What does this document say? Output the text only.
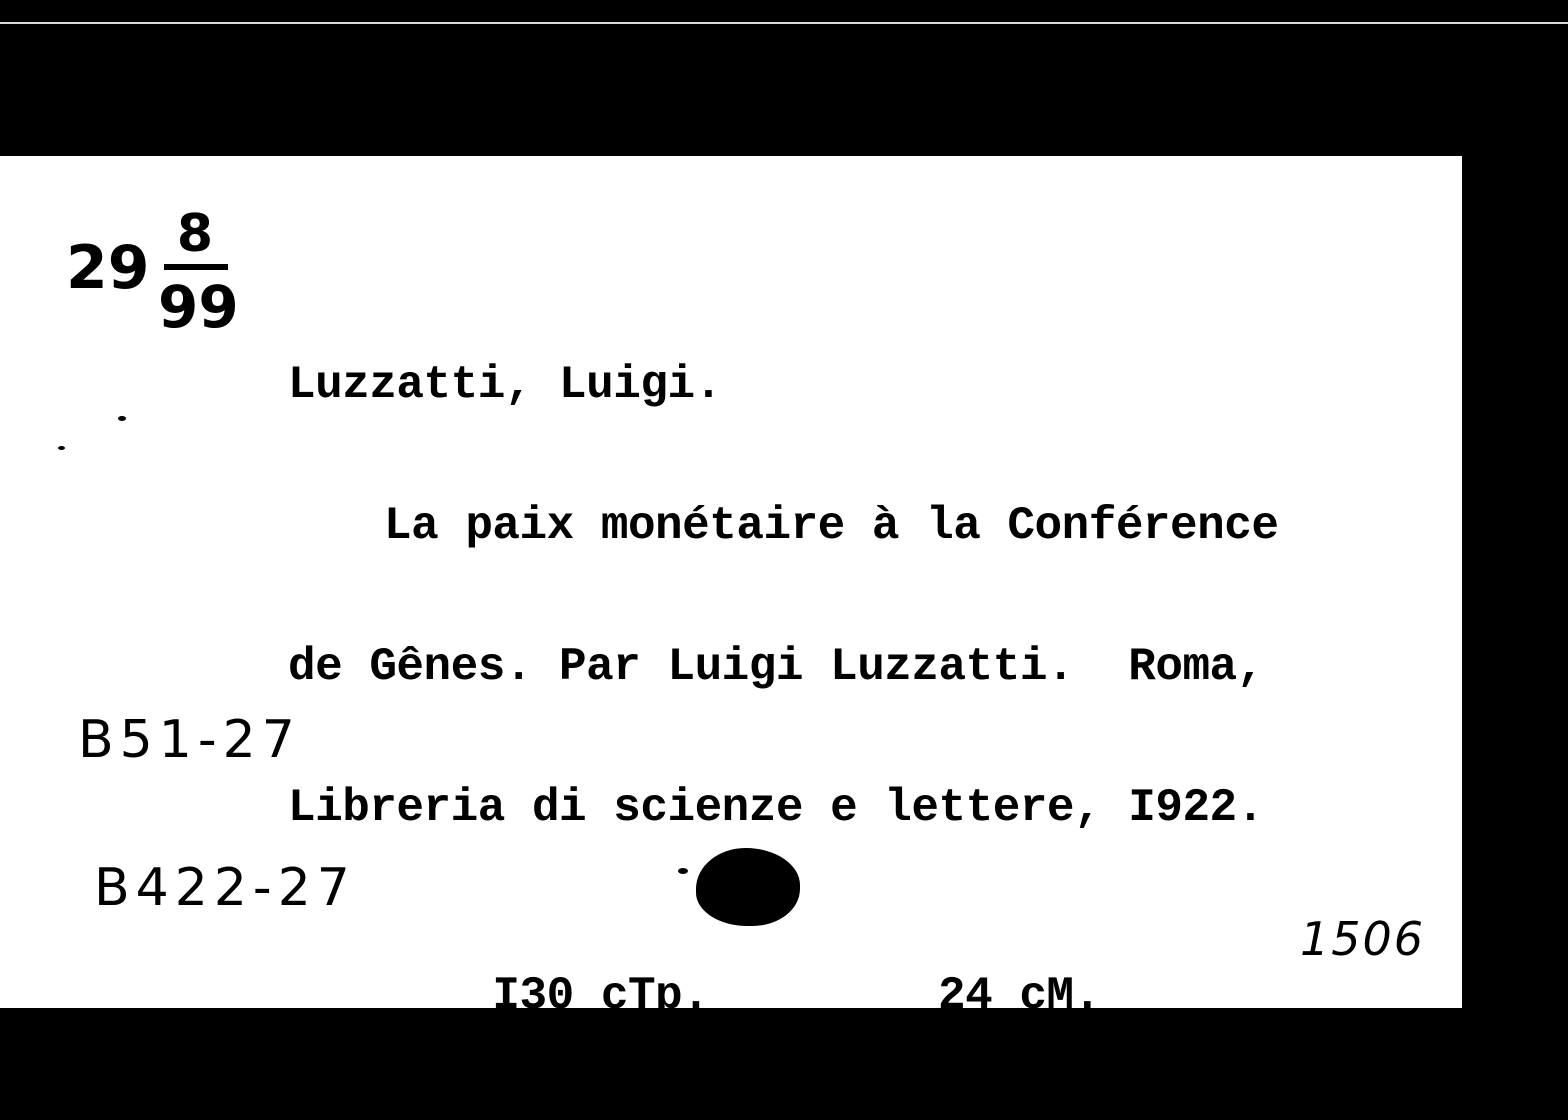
29 8
99

Luzzatti, Luigi.

La paix monétaire à la Conférence

de Gênes. Par Luigi Luzzatti.  Roma,

Libreria di scienze e lettere, I922.

I30 cTp.	24 cM.

B51-27
B422-27
1506
